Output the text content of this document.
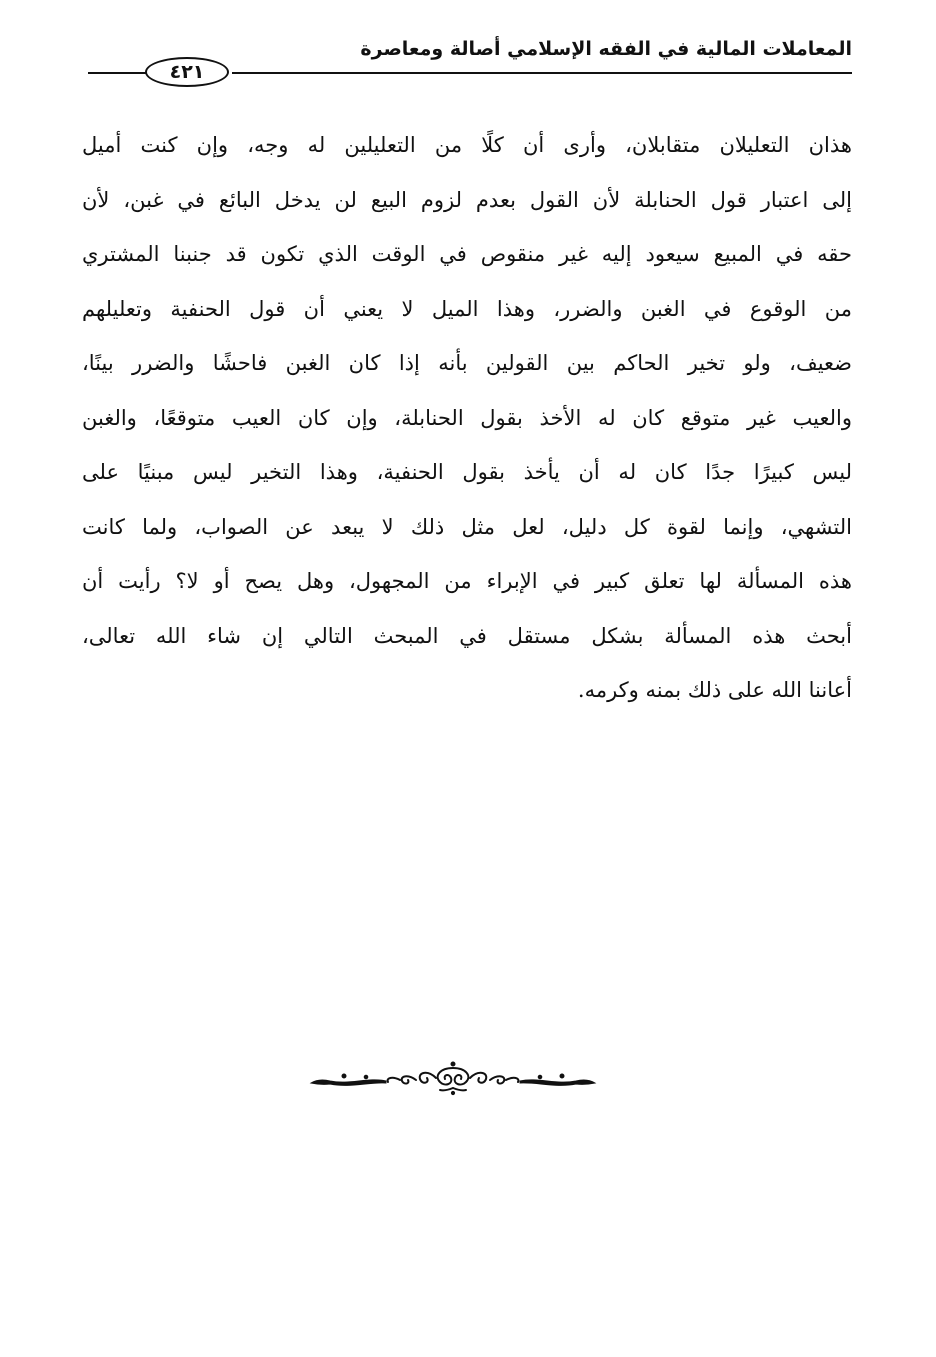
المعاملات المالية في الفقه الإسلامي أصالة ومعاصرة
٤٢١
هذان التعليلان متقابلان، وأرى أن كلًا من التعليلين له وجه، وإن كنت أميل
إلى اعتبار قول الحنابلة لأن القول بعدم لزوم البيع لن يدخل البائع في غبن، لأن
حقه في المبيع سيعود إليه غير منقوص في الوقت الذي تكون قد جنبنا المشتري
من الوقوع في الغبن والضرر، وهذا الميل لا يعني أن قول الحنفية وتعليلهم
ضعيف، ولو تخير الحاكم بين القولين بأنه إذا كان الغبن فاحشًا والضرر بينًا،
والعيب غير متوقع كان له الأخذ بقول الحنابلة، وإن كان العيب متوقعًا، والغبن
ليس كبيرًا جدًا كان له أن يأخذ بقول الحنفية، وهذا التخير ليس مبنيًا على
التشهي، وإنما لقوة كل دليل، لعل مثل ذلك لا يبعد عن الصواب، ولما كانت
هذه المسألة لها تعلق كبير في الإبراء من المجهول، وهل يصح أو لا؟ رأيت أن
أبحث هذه المسألة بشكل مستقل في المبحث التالي إن شاء الله تعالى،
أعاننا الله على ذلك بمنه وكرمه.
